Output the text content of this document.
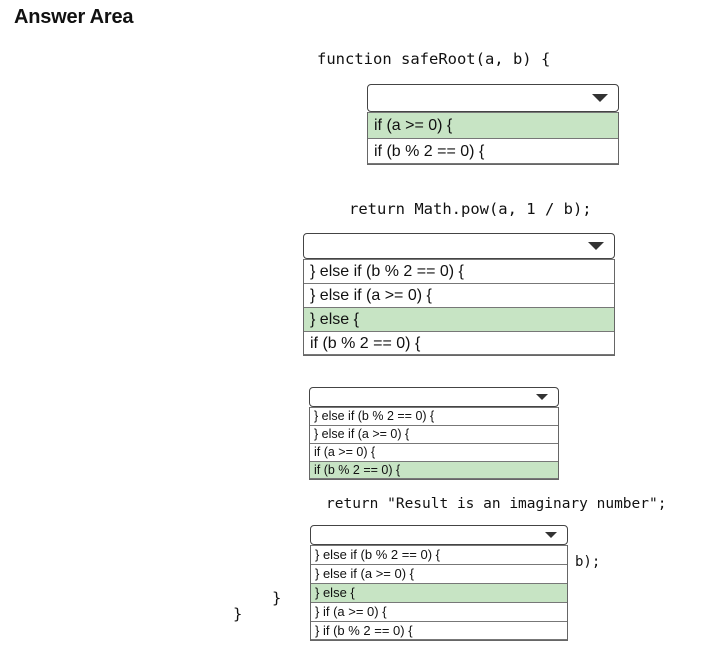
Answer Area
function safeRoot(a, b) {
return Math.pow(a, 1 / b);
return "Result is an imaginary number";
b);
}
}
if (a >= 0) {
if (b % 2 == 0) {
} else if (b % 2 == 0) {
} else if (a >= 0) {
} else {
if (b % 2 == 0) {
} else if (b % 2 == 0) {
} else if (a >= 0) {
if (a >= 0) {
if (b % 2 == 0) {
} else if (b % 2 == 0) {
} else if (a >= 0) {
} else {
} if (a >= 0) {
} if (b % 2 == 0) {
